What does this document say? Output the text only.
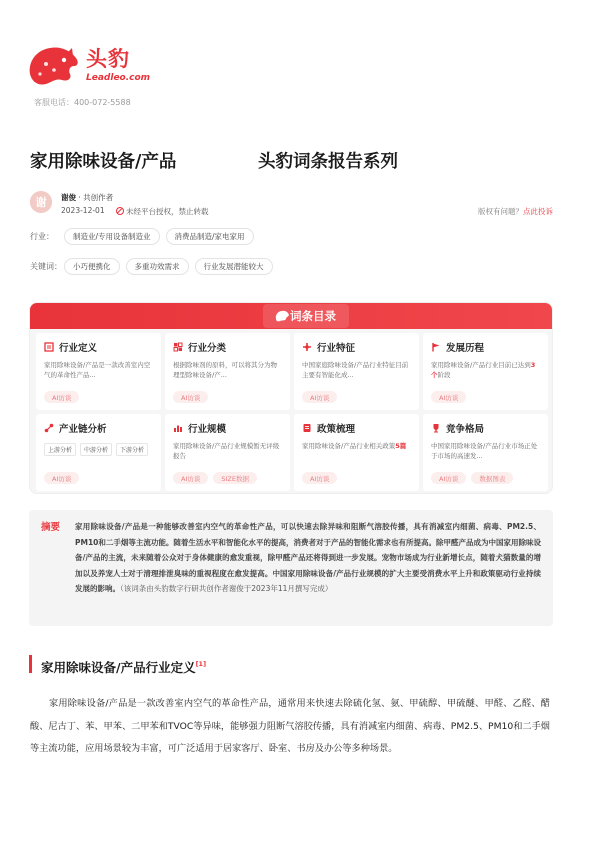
头豹
Leadleo.com
客服电话：400-072-5588
家用除味设备/产品	头豹词条报告系列
谢 谢俊 · 共创作者
2023-12-01	未经平台授权，禁止转载	版权有问题？点此投诉
行业：	制造业/专用设备制造业	消费品制造/家电家用
关键词：	小巧便携化	多重功效需求	行业发展潜能较大
词条目录
行业定义
家用除味设备/产品是一款改善室内空气的革命性产品...
AI访谈
行业分类
根据除味剂的原料，可以将其分为物理型除味设备/产...
AI访谈
行业特征
中国家庭除味设备/产品行业特征目前主要有智能化成...
AI访谈
发展历程
家用除味设备/产品行业目前已达到3个阶段
AI访谈
产业链分析
上游分析	中游分析	下游分析
AI访谈
行业规模
家用除味设备/产品行业规模暂无评级报告
AI访谈	SIZE数据
政策梳理
家用除味设备/产品行业相关政策5篇
AI访谈
竞争格局
中国家用除味设备/产品行业市场正处于市场的高速发...
AI访谈	数据图表
摘要 家用除味设备/产品是一种能够改善室内空气的革命性产品，可以快速去除异味和阻断气溶胶传播，具有消减室内细菌、病毒、PM2.5、PM10和二手烟等主流功能。随着生活水平和智能化水平的提高，消费者对于产品的智能化需求也有所提高。除甲醛产品成为中国家用除味设备/产品的主流，未来随着公众对于身体健康的愈发重视，除甲醛产品还将得到进一步发展。宠物市场成为行业新增长点，随着犬猫数量的增加以及养宠人士对于清理排泄臭味的重视程度在愈发提高。中国家用除味设备/产品行业规模的扩大主要受消费水平上升和政策驱动行业持续发展的影响。（该词条由头豹数字行研共创作者谢俊于2023年11月撰写完成）
家用除味设备/产品行业定义[1]
家用除味设备/产品是一款改善室内空气的革命性产品，通常用来快速去除硫化氢、氨、甲硫醇、甲硫醚、甲醛、乙醛、醋酸、尼古丁、苯、甲苯、二甲苯和TVOC等异味，能够强力阻断气溶胶传播，具有消减室内细菌、病毒、PM2.5、PM10和二手烟等主流功能，应用场景较为丰富，可广泛适用于居家客厅、卧室、书房及办公等多种场景。
